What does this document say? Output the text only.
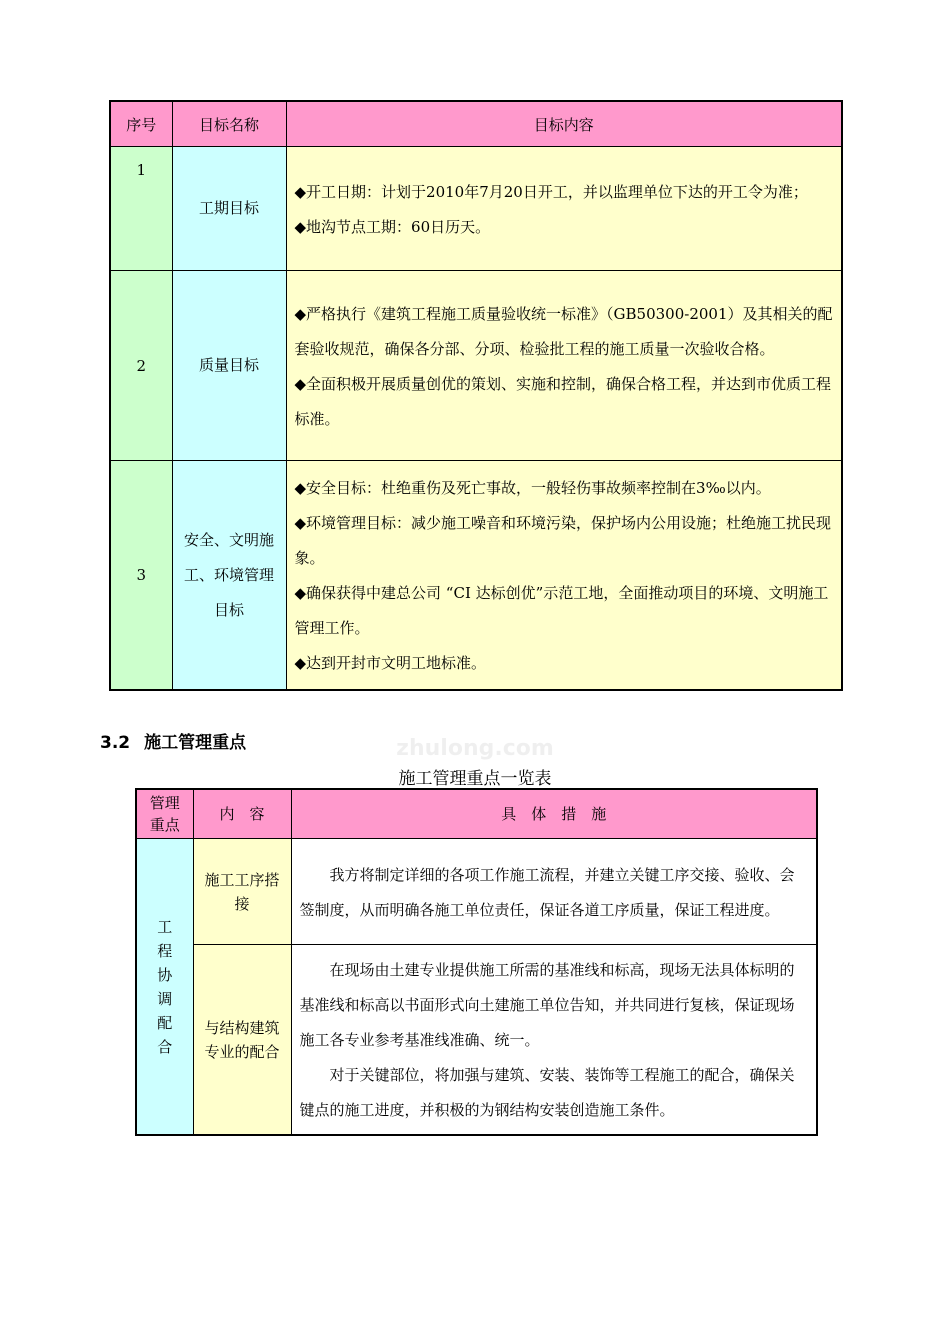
序号	目标名称	目标内容
1	工期目标	◆开工日期：计划于2010年7月20日开工，并以监理单位下达的开工令为准；

◆地沟节点工期：60日历天。

2	质量目标	◆严格执行《建筑工程施工质量验收统一标准》（GB50300-2001）及其相关的配套验收规范，确保各分部、分项、检验批工程的施工质量一次验收合格。

◆全面积极开展质量创优的策划、实施和控制，确保合格工程，并达到市优质工程标准。

3	安全、文明施工、环境管理目标	◆安全目标：杜绝重伤及死亡事故，一般轻伤事故频率控制在3‰以内。

◆环境管理目标：减少施工噪音和环境污染，保护场内公用设施；杜绝施工扰民现象。

◆确保获得中建总公司 “CI 达标创优”示范工地，全面推动项目的环境、文明施工管理工作。

◆达到开封市文明工地标准。

zhulong.com
3.2 施工管理重点
施工管理重点一览表
管理重点	内　容	具　体　措　施
工程协调配合	施工工序搭接	我方将制定详细的各项工作施工流程，并建立关键工序交接、验收、会签制度，从而明确各施工单位责任，保证各道工序质量，保证工程进度。

	与结构建筑专业的配合	在现场由土建专业提供施工所需的基准线和标高，现场无法具体标明的基准线和标高以书面形式向土建施工单位告知，并共同进行复核，保证现场施工各专业参考基准线准确、统一。

对于关键部位，将加强与建筑、安装、装饰等工程施工的配合，确保关键点的施工进度，并积极的为钢结构安装创造施工条件。
